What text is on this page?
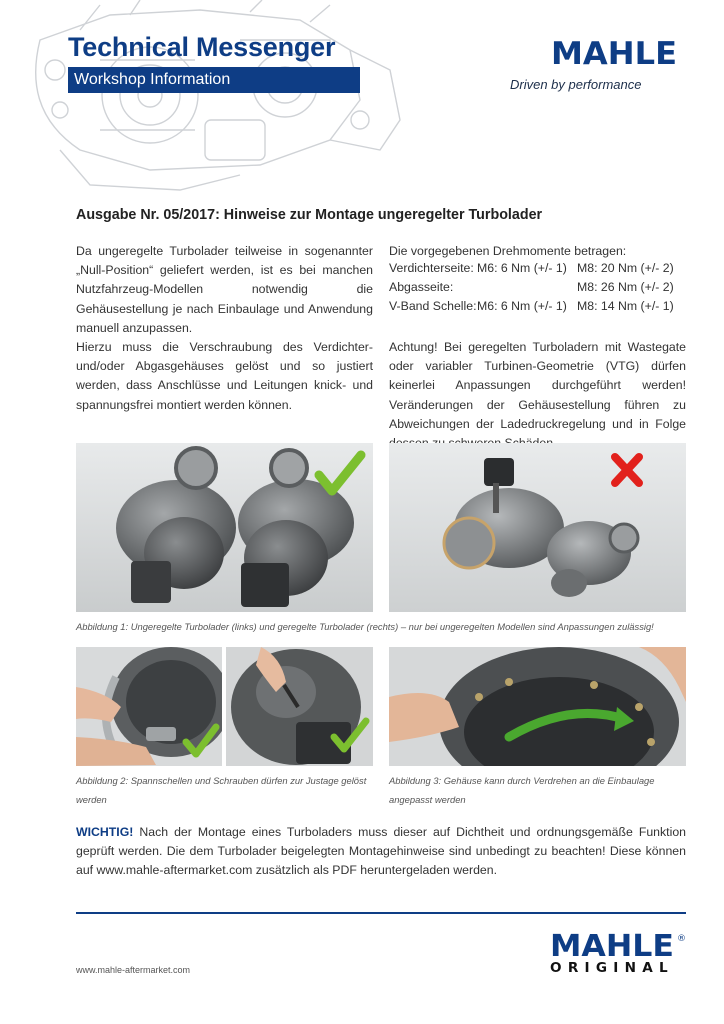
Technical Messenger
Workshop Information
MAHLE
Driven by performance
Ausgabe Nr. 05/2017: Hinweise zur Montage ungeregelter Turbolader
Da ungeregelte Turbolader teilweise in sogenannter „Null-Position“ geliefert werden, ist es bei manchen Nutzfahrzeug-Modellen notwendig die Gehäusestellung je nach Einbaulage und Anwendung manuell anzupassen.
Hierzu muss die Verschraubung des Verdichter- und/oder Abgasgehäuses gelöst und so justiert werden, dass Anschlüsse und Leitungen knick- und spannungsfrei montiert werden können.
Die vorgegebenen Drehmomente betragen:
Verdichterseite:	M6: 6 Nm (+/- 1)	M8: 20 Nm (+/- 2)
Abgasseite:		M8: 26 Nm (+/- 2)
V-Band Schelle:	M6: 6 Nm (+/- 1)	M8: 14 Nm (+/- 1)
Achtung! Bei geregelten Turboladern mit Wastegate oder variabler Turbinen-Geometrie (VTG) dürfen keinerlei Anpassungen durchgeführt werden! Veränderungen der Gehäusestellung führen zu Abweichungen der Ladedruckregelung und in Folge
Abbildung 1: Ungeregelte Turbolader (links) und geregelte Turbolader (rechts) – nur bei ungeregelten Modellen sind Anpassungen zulässig!
Abbildung 2: Spannschellen und Schrauben dürfen zur Justage gelöst werden
Abbildung 3: Gehäuse kann durch Verdrehen an die Einbaulage angepasst werden
WICHTIG! Nach der Montage eines Turboladers muss dieser auf Dichtheit und ordnungsgemäße Funktion geprüft werden. Die dem Turbolader beigelegten Montagehinweise sind unbedingt zu beachten! Diese können auf www.mahle-aftermarket.com zusätzlich als PDF heruntergeladen werden.
www.mahle-aftermarket.com
MAHLE
ORIGINAL
®
